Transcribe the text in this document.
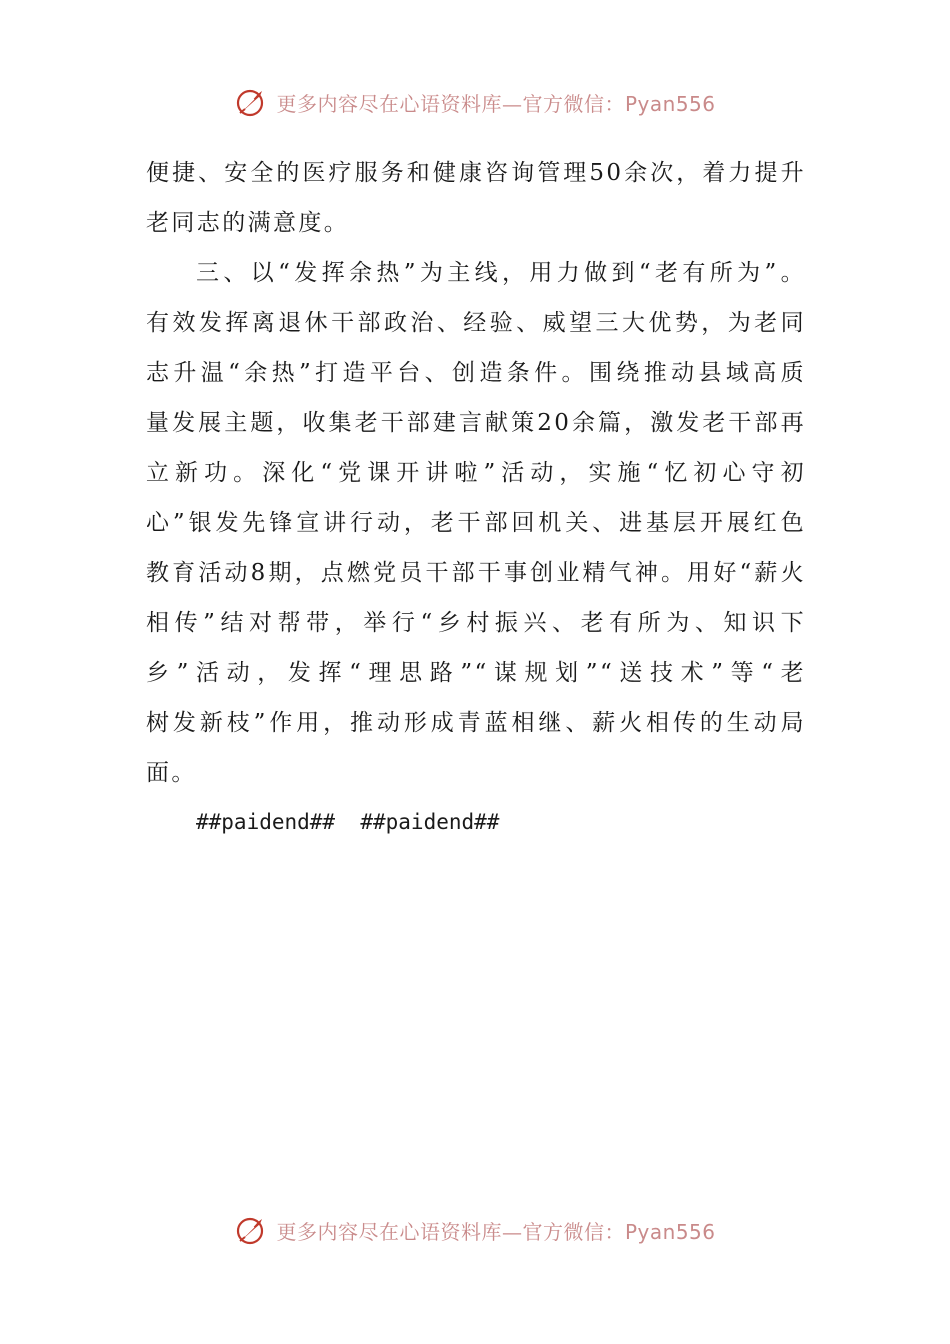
更多内容尽在心语资料库—官方微信：Pyan556
便捷、安全的医疗服务和健康咨询管理50余次，着力提升
老同志的满意度。
三、以“发挥余热”为主线，用力做到“老有所为”。
有效发挥离退休干部政治、经验、威望三大优势，为老同
志升温“余热”打造平台、创造条件。围绕推动县域高质
量发展主题，收集老干部建言献策20余篇，激发老干部再
立新功。深化“党课开讲啦”活动，实施“忆初心守初
心”银发先锋宣讲行动，老干部回机关、进基层开展红色
教育活动8期，点燃党员干部干事创业精气神。用好“薪火
相传”结对帮带，举行“乡村振兴、老有所为、知识下
乡”活动，发挥“理思路”“谋规划”“送技术”等“老
树发新枝”作用，推动形成青蓝相继、薪火相传的生动局
面。
##paidend##  ##paidend##
更多内容尽在心语资料库—官方微信：Pyan556
